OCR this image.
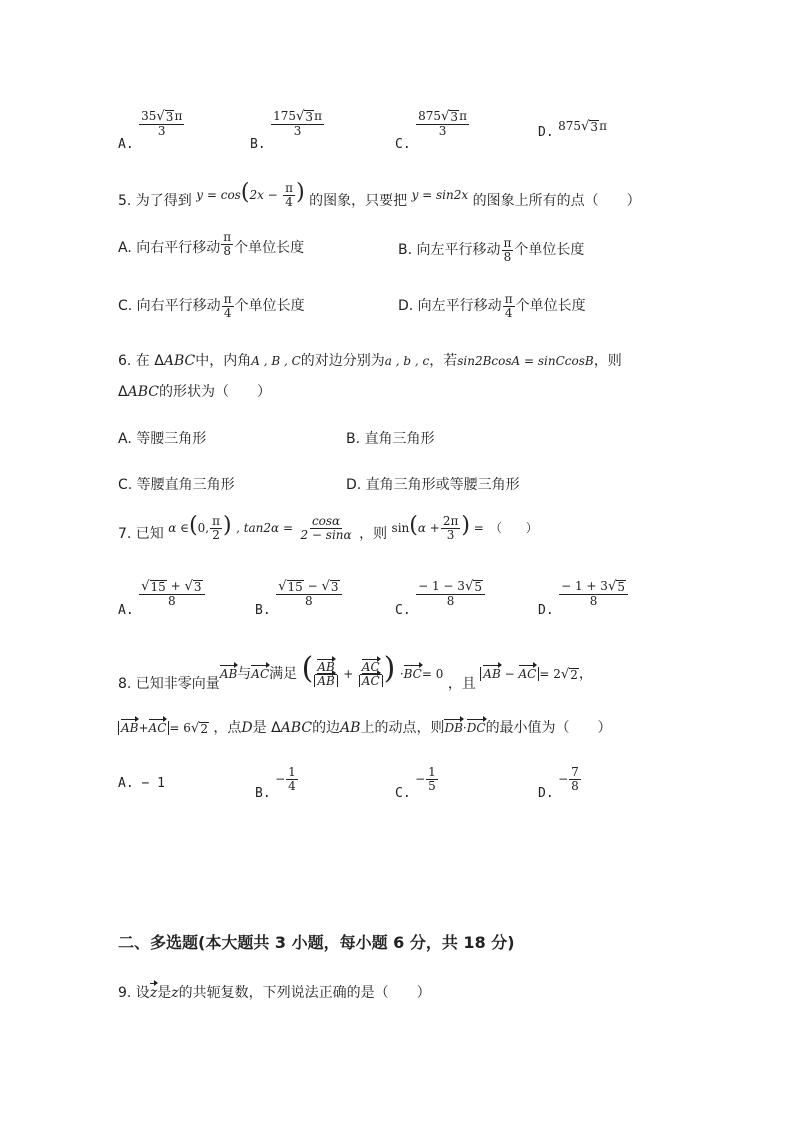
A.
$\frac{35 √ 3 \pi}{3}$
B.
$\frac{175 √ 3 \pi}{3}$
C.
$\frac{875 √ 3 \pi}{3}$	D. 875 √ 3 π
5. 为了得到 $y = \cos(2x - \frac{\pi}{4}$ ) 的图象，只要把 y = sin2x 的图象上所有的点（　　）
A. 向右平行移动 $\frac{\pi}{8}$ 个单位长度	B. 向左平行移动 $\frac{\pi}{8}$ 个单位长度
C. 向右平行移动 $\frac{\pi}{4}$ 个单位长度	D. 向左平行移动 $\frac{\pi}{4}$ 个单位长度
6. 在 ΔABC中，内角A , B , C的对边分别为a , b , c，若sin2BcosA = sinCcosB，则
ΔABC的形状为（　　）
A. 等腰三角形	B. 直角三角形
C. 等腰直角三角形	D. 直角三角形或等腰三角形
7. 已知 α ∈(0, $\frac{\pi}{2}$ ) , $\tan 2\alpha = \frac{\cos\alpha}{2 - \sin\alpha}$ ，则 $\sin(\alpha + \frac{2\pi}{3}$ ) =　（　　）
A.
$\frac{√ 15 + √ 3}{8}$
B.
$\frac{√ 15 - √ 3}{8}$
C.
$\frac{- 1 - 3 √ 5}{8}$
D.
$\frac{- 1 + 3 √ 5}{8}$
8. 已知非零向量AB与AC满足 ( $\frac{AB}{AB} + \frac{AC}{AC}$ ) ·BC= 0 ，且 AB − AC = 2 √ 2 ，
AB+AC = 6 √ 2 ，点D是 ΔABC的边AB上的动点，则DB·DC的最小值为（　　）
A. − 1
B. − $\frac{1}{4}$
C. − $\frac{1}{5}$
D. − $\frac{7}{8}$
二、多选题(本大题共 3 小题，每小题 6 分，共 18 分)
9. 设z是z的共轭复数，下列说法正确的是（　　）
